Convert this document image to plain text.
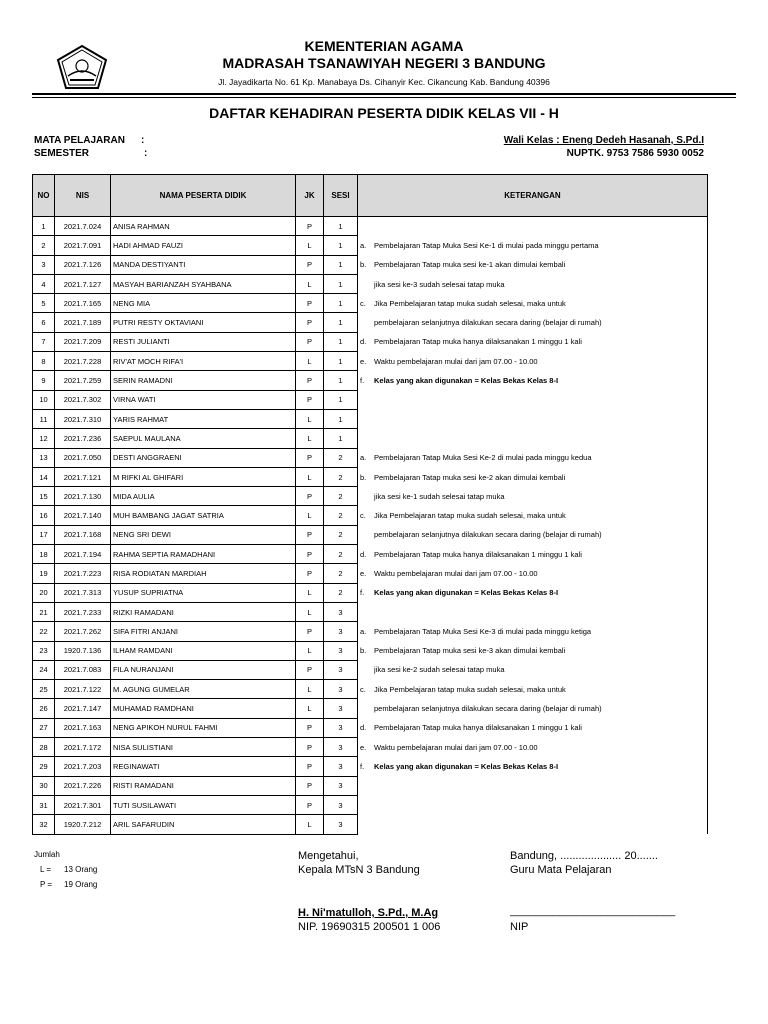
KEMENTERIAN AGAMA
MADRASAH TSANAWIYAH NEGERI 3 BANDUNG
Jl. Jayadikarta No. 61 Kp. Manabaya Ds. Cihanyir Kec. Cikancung Kab. Bandung 40396
DAFTAR KEHADIRAN PESERTA DIDIK KELAS VII - H
MATA PELAJARAN :
SEMESTER	:
Wali Kelas : Eneng Dedeh Hasanah, S.Pd.I
NUPTK. 9753 7586 5930 0052
NO	NIS	NAMA PESERTA DIDIK	JK	SESI	KETERANGAN
1	2021.7.024	ANISA RAHMAN	P	1	
2	2021.7.091	HADI AHMAD FAUZI	L	1	a. Pembelajaran Tatap Muka Sesi Ke-1 di mulai pada minggu pertama
3	2021.7.126	MANDA DESTIYANTI	P	1	b. Pembelajaran Tatap muka sesi ke-1 akan dimulai kembali
4	2021.7.127	MASYAH BARIANZAH SYAHBANA	L	1	jika sesi ke-3 sudah selesai tatap muka
5	2021.7.165	NENG MIA	P	1	c. Jika Pembelajaran tatap muka sudah selesai, maka untuk
6	2021.7.189	PUTRI RESTY OKTAVIANI	P	1	pembelajaran selanjutnya dilakukan secara daring (belajar di rumah)
7	2021.7.209	RESTI JULIANTI	P	1	d. Pembelajaran Tatap muka hanya dilaksanakan 1 minggu 1 kali
8	2021.7.228	RIV'AT MOCH RIFA'I	L	1	e. Waktu pembelajaran mulai dari jam 07.00 - 10.00
9	2021.7.259	SERIN RAMADNI	P	1	f. Kelas yang akan digunakan = Kelas Bekas Kelas 8-I
10	2021.7.302	VIRNA WATI	P	1	
11	2021.7.310	YARIS RAHMAT	L	1	
12	2021.7.236	SAEPUL MAULANA	L	1	
13	2021.7.050	DESTI ANGGRAENI	P	2	a. Pembelajaran Tatap Muka Sesi Ke-2 di mulai pada minggu kedua
14	2021.7.121	M RIFKI AL GHIFARI	L	2	b. Pembelajaran Tatap muka sesi ke-2 akan dimulai kembali
15	2021.7.130	MIDA AULIA	P	2	jika sesi ke-1 sudah selesai tatap muka
16	2021.7.140	MUH BAMBANG JAGAT SATRIA	L	2	c. Jika Pembelajaran tatap muka sudah selesai, maka untuk
17	2021.7.168	NENG SRI DEWI	P	2	pembelajaran selanjutnya dilakukan secara daring (belajar di rumah)
18	2021.7.194	RAHMA SEPTIA RAMADHANI	P	2	d. Pembelajaran Tatap muka hanya dilaksanakan 1 minggu 1 kali
19	2021.7.223	RISA RODIATAN MARDIAH	P	2	e. Waktu pembelajaran mulai dari jam 07.00 - 10.00
20	2021.7.313	YUSUP SUPRIATNA	L	2	f. Kelas yang akan digunakan = Kelas Bekas Kelas 8-I
21	2021.7.233	RIZKI RAMADANI	L	3	
22	2021.7.262	SIFA FITRI ANJANI	P	3	a. Pembelajaran Tatap Muka Sesi Ke-3 di mulai pada minggu ketiga
23	1920.7.136	ILHAM RAMDANI	L	3	b. Pembelajaran Tatap muka sesi ke-3 akan dimulai kembali
24	2021.7.083	FILA NURANJANI	P	3	jika sesi ke-2 sudah selesai tatap muka
25	2021.7.122	M. AGUNG GUMELAR	L	3	c. Jika Pembelajaran tatap muka sudah selesai, maka untuk
26	2021.7.147	MUHAMAD RAMDHANI	L	3	pembelajaran selanjutnya dilakukan secara daring (belajar di rumah)
27	2021.7.163	NENG APIKOH NURUL FAHMI	P	3	d. Pembelajaran Tatap muka hanya dilaksanakan 1 minggu 1 kali
28	2021.7.172	NISA SULISTIANI	P	3	e. Waktu pembelajaran mulai dari jam 07.00 - 10.00
29	2021.7.203	REGINAWATI	P	3	f. Kelas yang akan digunakan = Kelas Bekas Kelas 8-I
30	2021.7.226	RISTI RAMADANI	P	3	
31	2021.7.301	TUTI SUSILAWATI	P	3	
32	1920.7.212	ARIL SAFARUDIN	L	3	
Jumlah
L = 13 Orang
P = 19 Orang
Mengetahui,
Kepala MTsN 3 Bandung
H. Ni'matulloh, S.Pd., M.Ag
NIP. 19690315 200501 1 006
Bandung, .................... 20.......
Guru Mata Pelajaran
___________________________
NIP
